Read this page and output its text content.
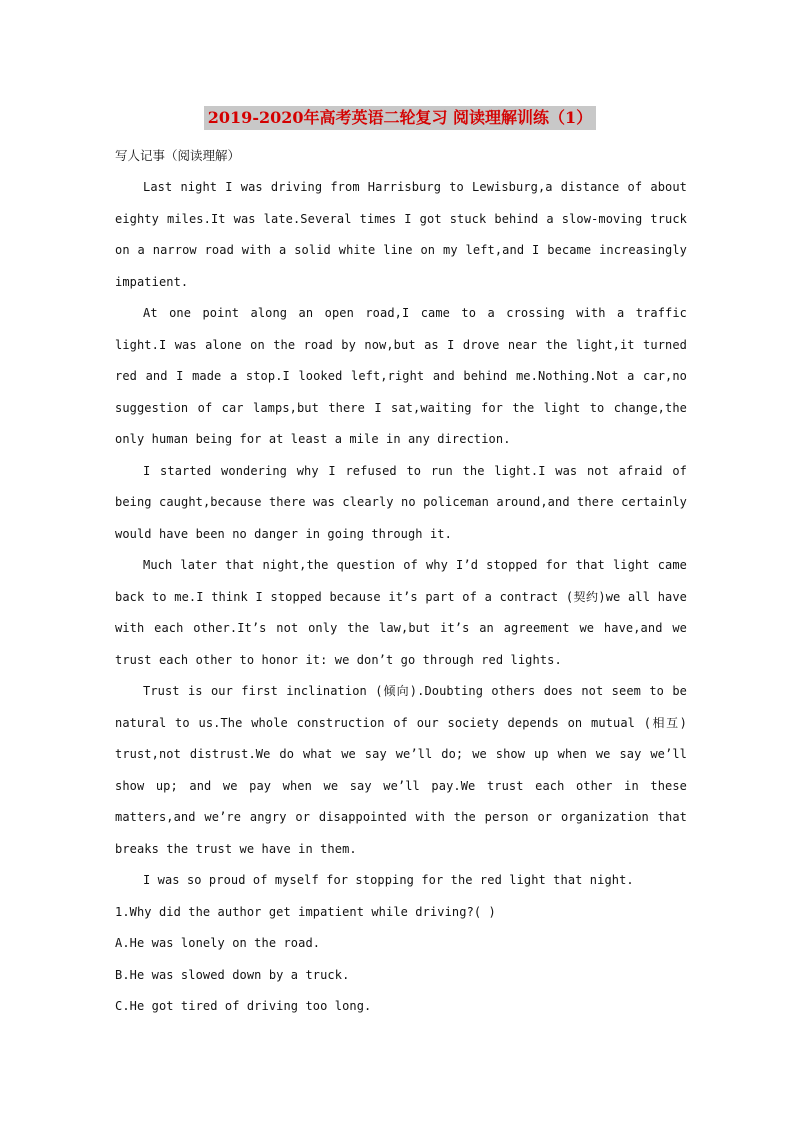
2019-2020年高考英语二轮复习 阅读理解训练（1）
写人记事（阅读理解）

Last night I was driving from Harrisburg to Lewisburg,a distance of about eighty miles.It was late.Several times I got stuck behind a slow-moving truck on a narrow road with a solid white line on my left,and I became increasingly impatient.

At one point along an open road,I came to a crossing with a traffic light.I was alone on the road by now,but as I drove near the light,it turned red and I made a stop.I looked left,right and behind me.Nothing.Not a car,no suggestion of car lamps,but there I sat,waiting for the light to change,the only human being for at least a mile in any direction.

I started wondering why I refused to run the light.I was not afraid of being caught,because there was clearly no policeman around,and there certainly would have been no danger in going through it.

Much later that night,the question of why I’d stopped for that light came back to me.I think I stopped because it’s part of a contract (契约)we all have with each other.It’s not only the law,but it’s an agreement we have,and we trust each other to honor it: we don’t go through red lights.

Trust is our first inclination (倾向).Doubting others does not seem to be natural to us.The whole construction of our society depends on mutual (相互) trust,not distrust.We do what we say we’ll do; we show up when we say we’ll show up; and we pay when we say we’ll pay.We trust each other in these matters,and we’re angry or disappointed with the person or organization that breaks the trust we have in them.

I was so proud of myself for stopping for the red light that night.

1.Why did the author get impatient while driving?( )

A.He was lonely on the road.

B.He was slowed down by a truck.

C.He got tired of driving too long.
